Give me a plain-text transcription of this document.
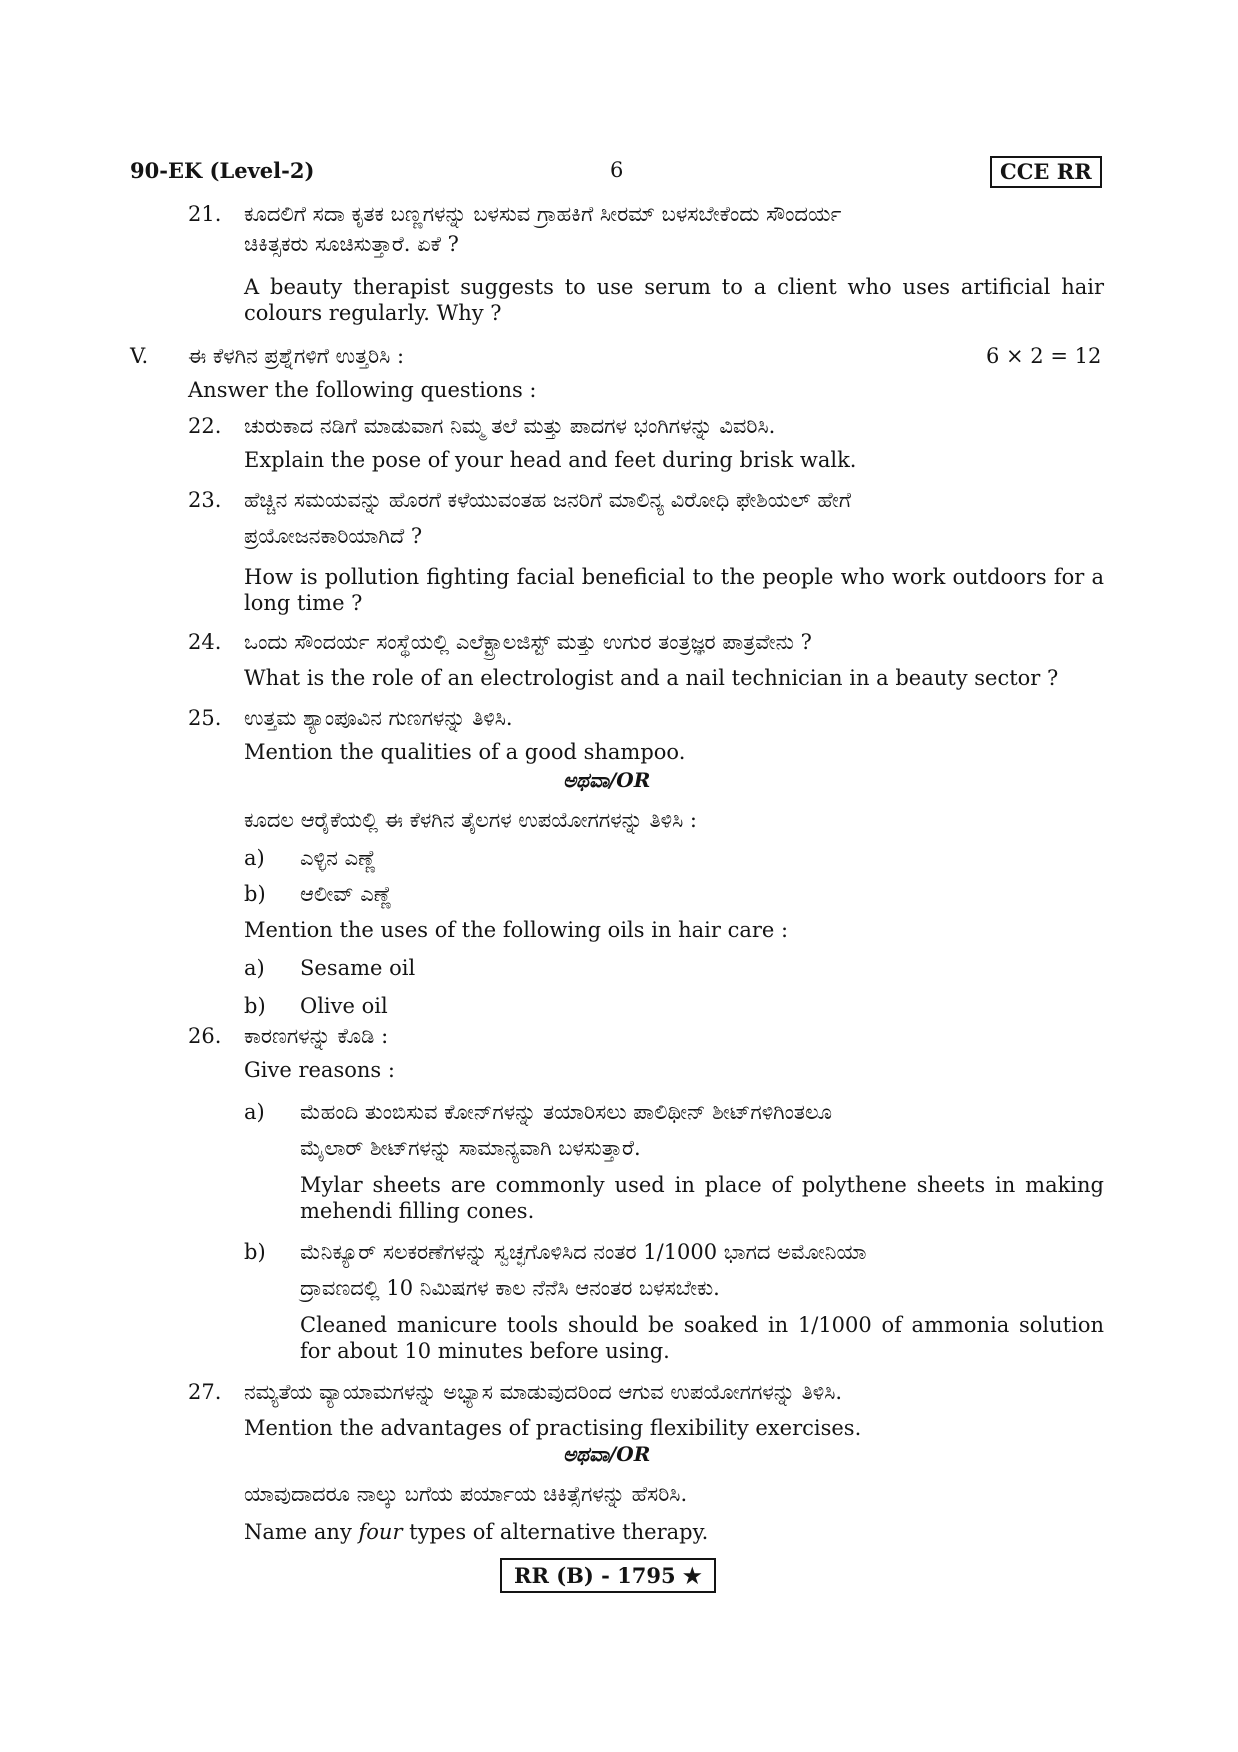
90-EK (Level-2)	6	CCE RR
21. ಕೂದಲಿಗೆ ಸದಾ ಕೃತಕ ಬಣ್ಣಗಳನ್ನು ಬಳಸುವ ಗ್ರಾಹಕಿಗೆ ಸೀರಮ್ ಬಳಸಬೇಕೆಂದು ಸೌಂದರ್ಯ
ಚಿಕಿತ್ಸಕರು ಸೂಚಿಸುತ್ತಾರೆ. ಏಕೆ ?
A beauty therapist suggests to use serum to a client who uses artificial hair colours regularly. Why ?
V. ಈ ಕೆಳಗಿನ ಪ್ರಶ್ನೆಗಳಿಗೆ ಉತ್ತರಿಸಿ :	6 × 2 = 12
Answer the following questions :
22. ಚುರುಕಾದ ನಡಿಗೆ ಮಾಡುವಾಗ ನಿಮ್ಮ ತಲೆ ಮತ್ತು ಪಾದಗಳ ಭಂಗಿಗಳನ್ನು ವಿವರಿಸಿ.
Explain the pose of your head and feet during brisk walk.
23. ಹೆಚ್ಚಿನ ಸಮಯವನ್ನು ಹೊರಗೆ ಕಳೆಯುವಂತಹ ಜನರಿಗೆ ಮಾಲಿನ್ಯ ವಿರೋಧಿ ಫೇಶಿಯಲ್ ಹೇಗೆ
ಪ್ರಯೋಜನಕಾರಿಯಾಗಿದೆ ?
How is pollution fighting facial beneficial to the people who work outdoors for a long time ?
24. ಒಂದು ಸೌಂದರ್ಯ ಸಂಸ್ಥೆಯಲ್ಲಿ ಎಲೆಕ್ಟ್ರಾಲಜಿಸ್ಟ್ ಮತ್ತು ಉಗುರ ತಂತ್ರಜ್ಞರ ಪಾತ್ರವೇನು ?
What is the role of an electrologist and a nail technician in a beauty sector ?
25. ಉತ್ತಮ ಶ್ಯಾಂಪೂವಿನ ಗುಣಗಳನ್ನು ತಿಳಿಸಿ.
Mention the qualities of a good shampoo.
ಅಥವಾ/OR
ಕೂದಲ ಆರೈಕೆಯಲ್ಲಿ ಈ ಕೆಳಗಿನ ತೈಲಗಳ ಉಪಯೋಗಗಳನ್ನು ತಿಳಿಸಿ :
a) ಎಳ್ಳಿನ ಎಣ್ಣೆ
b) ಆಲೀವ್ ಎಣ್ಣೆ
Mention the uses of the following oils in hair care :
a) Sesame oil
b) Olive oil
26. ಕಾರಣಗಳನ್ನು ಕೊಡಿ :
Give reasons :
a) ಮೆಹಂದಿ ತುಂಬಿಸುವ ಕೋನ್‌ಗಳನ್ನು ತಯಾರಿಸಲು ಪಾಲಿಥೀನ್ ಶೀಟ್‌ಗಳಿಗಿಂತಲೂ
ಮೈಲಾರ್ ಶೀಟ್‌ಗಳನ್ನು ಸಾಮಾನ್ಯವಾಗಿ ಬಳಸುತ್ತಾರೆ.
Mylar sheets are commonly used in place of polythene sheets in making mehendi filling cones.
b) ಮೆನಿಕ್ಯೂರ್ ಸಲಕರಣೆಗಳನ್ನು ಸ್ವಚ್ಛಗೊಳಿಸಿದ ನಂತರ 1/1000 ಭಾಗದ ಅಮೋನಿಯಾ
ದ್ರಾವಣದಲ್ಲಿ 10 ನಿಮಿಷಗಳ ಕಾಲ ನೆನೆಸಿ ಆನಂತರ ಬಳಸಬೇಕು.
Cleaned manicure tools should be soaked in 1/1000 of ammonia solution for about 10 minutes before using.
27. ನಮ್ಯತೆಯ ವ್ಯಾಯಾಮಗಳನ್ನು ಅಭ್ಯಾಸ ಮಾಡುವುದರಿಂದ ಆಗುವ ಉಪಯೋಗಗಳನ್ನು ತಿಳಿಸಿ.
Mention the advantages of practising flexibility exercises.
ಅಥವಾ/OR
ಯಾವುದಾದರೂ ನಾಲ್ಕು ಬಗೆಯ ಪರ್ಯಾಯ ಚಿಕಿತ್ಸೆಗಳನ್ನು ಹೆಸರಿಸಿ.
Name any four types of alternative therapy.
RR (B) - 1795 ★
